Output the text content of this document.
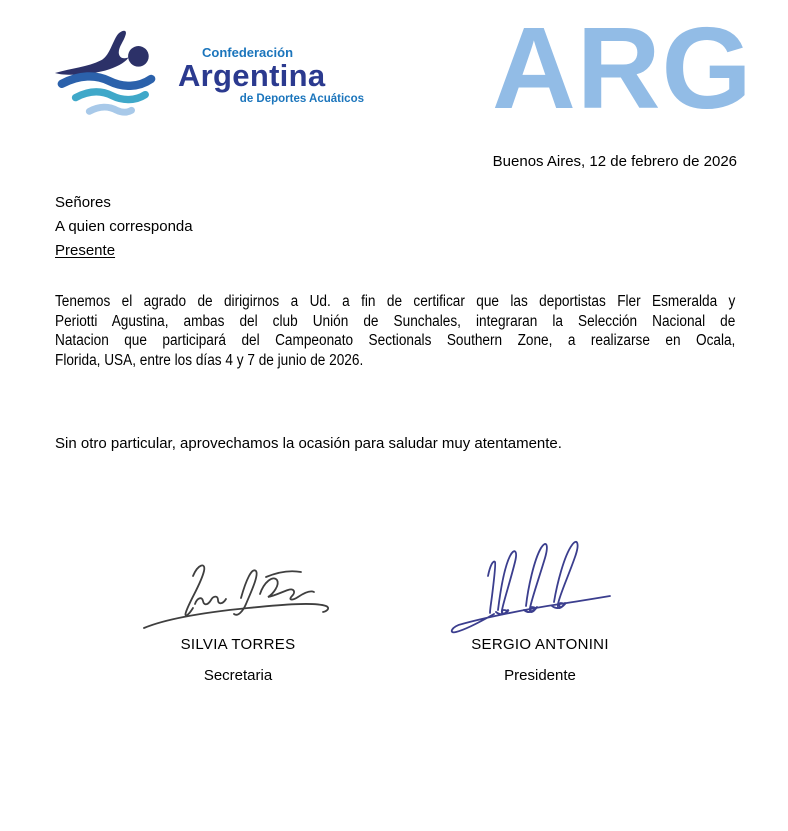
Confederación
Argentina
de Deportes Acuáticos ARG
Buenos Aires, 12 de febrero de 2026
Señores
A quien corresponda
Presente
Tenemos el agrado de dirigirnos a Ud. a fin de certificar que las deportistas Fler Esmeralda y
Periotti Agustina, ambas del club Unión de Sunchales, integraran la Selección Nacional de
Natacion que participará del Campeonato Sectionals Southern Zone, a realizarse en Ocala,
Florida, USA, entre los días 4 y 7 de junio de 2026.
Sin otro particular, aprovechamos la ocasión para saludar muy atentamente.
SILVIA TORRES
Secretaria
SERGIO ANTONINI
Presidente
